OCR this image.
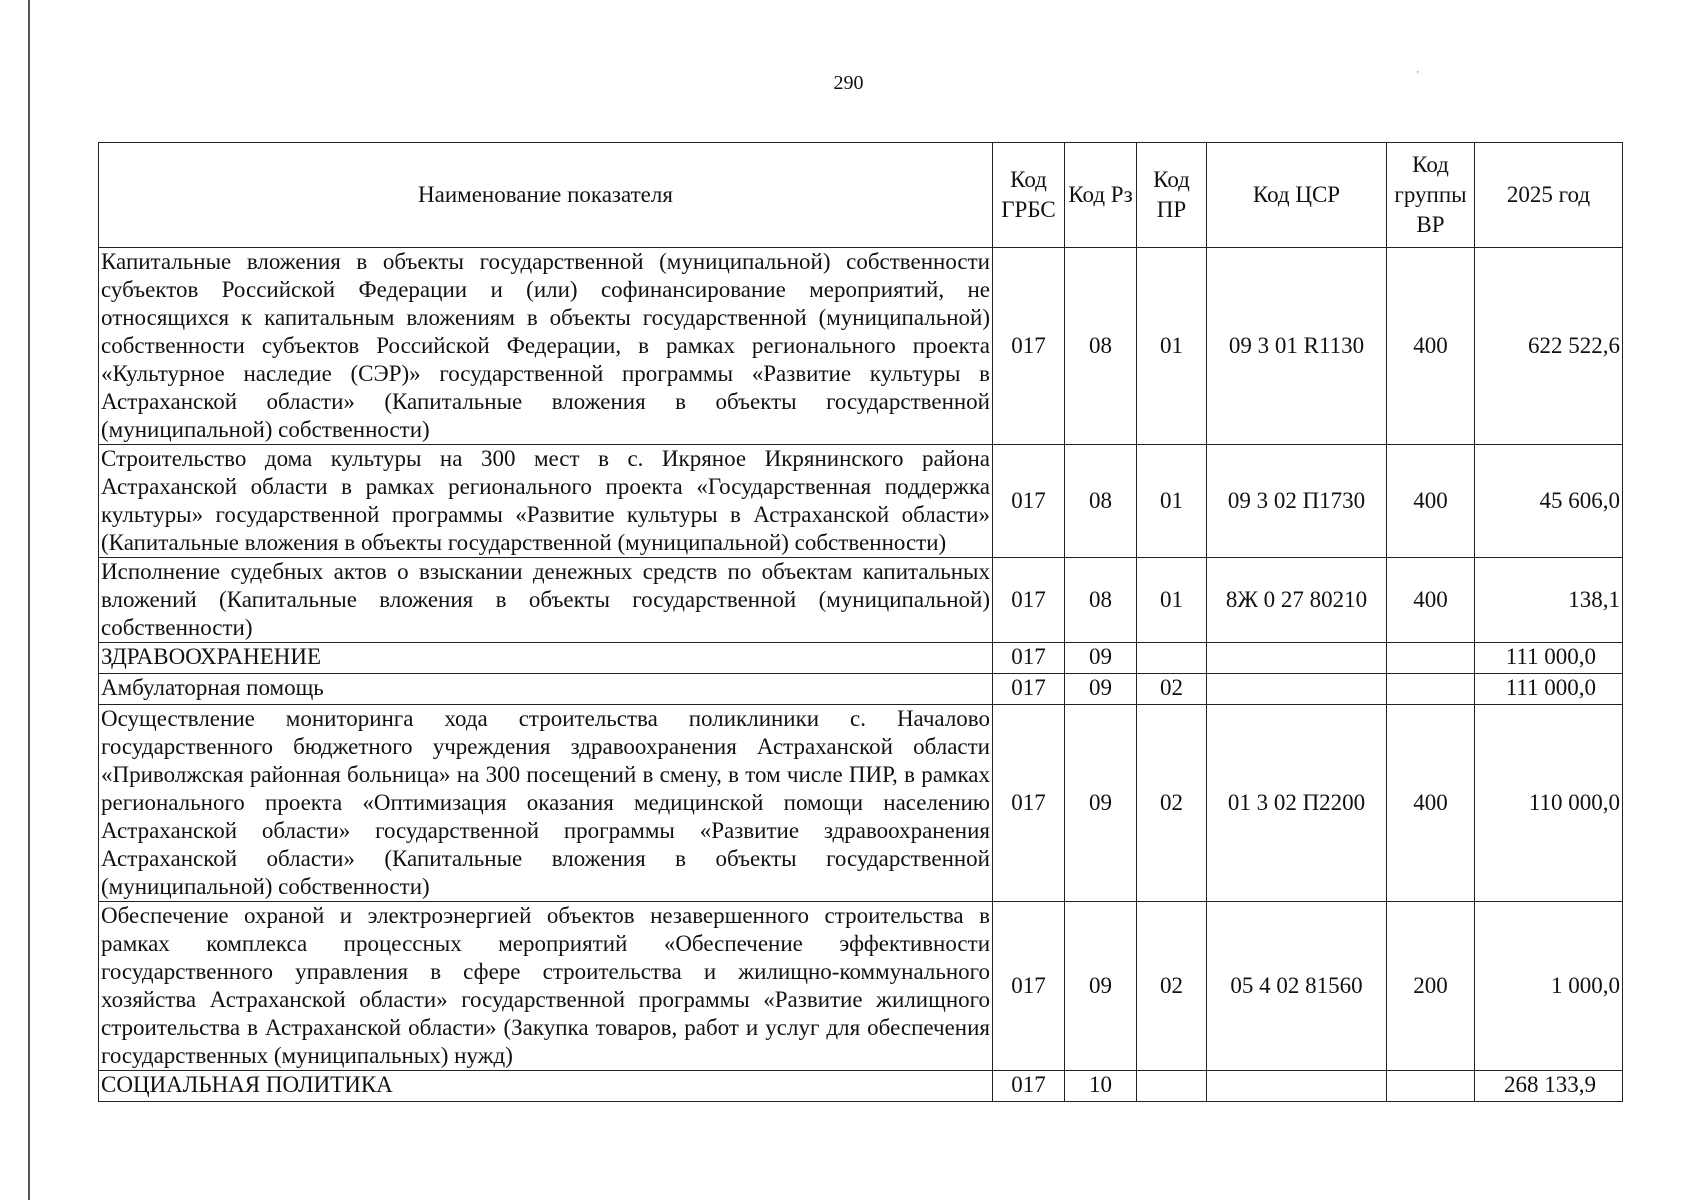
290	ʼ
Наименование показателя	Код ГРБС	Код Рз	Код ПР	Код ЦСР	Код группы ВР	2025 год
Капитальные вложения в объекты государственной (муниципальной) собственности субъектов Российской Федерации и (или) софинансирование мероприятий, не относящихся к капитальным вложениям в объекты государственной (муниципальной) собственности субъектов Российской Федерации, в рамках регионального проекта «Культурное наследие (СЭР)» государственной программы «Развитие культуры в Астраханской области» (Капитальные вложения в объекты государственной (муниципальной) собственности)	017	08	01	09 3 01 R1130	400	622 522,6
Строительство дома культуры на 300 мест в с. Икряное Икрянинского района Астраханской области в рамках регионального проекта «Государственная поддержка культуры» государственной программы «Развитие культуры в Астраханской области» (Капитальные вложения в объекты государственной (муниципальной) собственности)	017	08	01	09 3 02 П1730	400	45 606,0
Исполнение судебных актов о взыскании денежных средств по объектам капитальных вложений (Капитальные вложения в объекты государственной (муниципальной) собственности)	017	08	01	8Ж 0 27 80210	400	138,1
ЗДРАВООХРАНЕНИЕ	017	09				111 000,0
Амбулаторная помощь	017	09	02			111 000,0
Осуществление мониторинга хода строительства поликлиники с. Началово государственного бюджетного учреждения здравоохранения Астраханской области «Приволжская районная больница» на 300 посещений в смену, в том числе ПИР, в рамках регионального проекта «Оптимизация оказания медицинской помощи населению Астраханской области» государственной программы «Развитие здравоохранения Астраханской области» (Капитальные вложения в объекты государственной (муниципальной) собственности)	017	09	02	01 3 02 П2200	400	110 000,0
Обеспечение охраной и электроэнергией объектов незавершенного строительства в рамках комплекса процессных мероприятий «Обеспечение эффективности государственного управления в сфере строительства и жилищно-коммунального хозяйства Астраханской области» государственной программы «Развитие жилищного строительства в Астраханской области» (Закупка товаров, работ и услуг для обеспечения государственных (муниципальных) нужд)	017	09	02	05 4 02 81560	200	1 000,0
СОЦИАЛЬНАЯ ПОЛИТИКА	017	10				268 133,9
